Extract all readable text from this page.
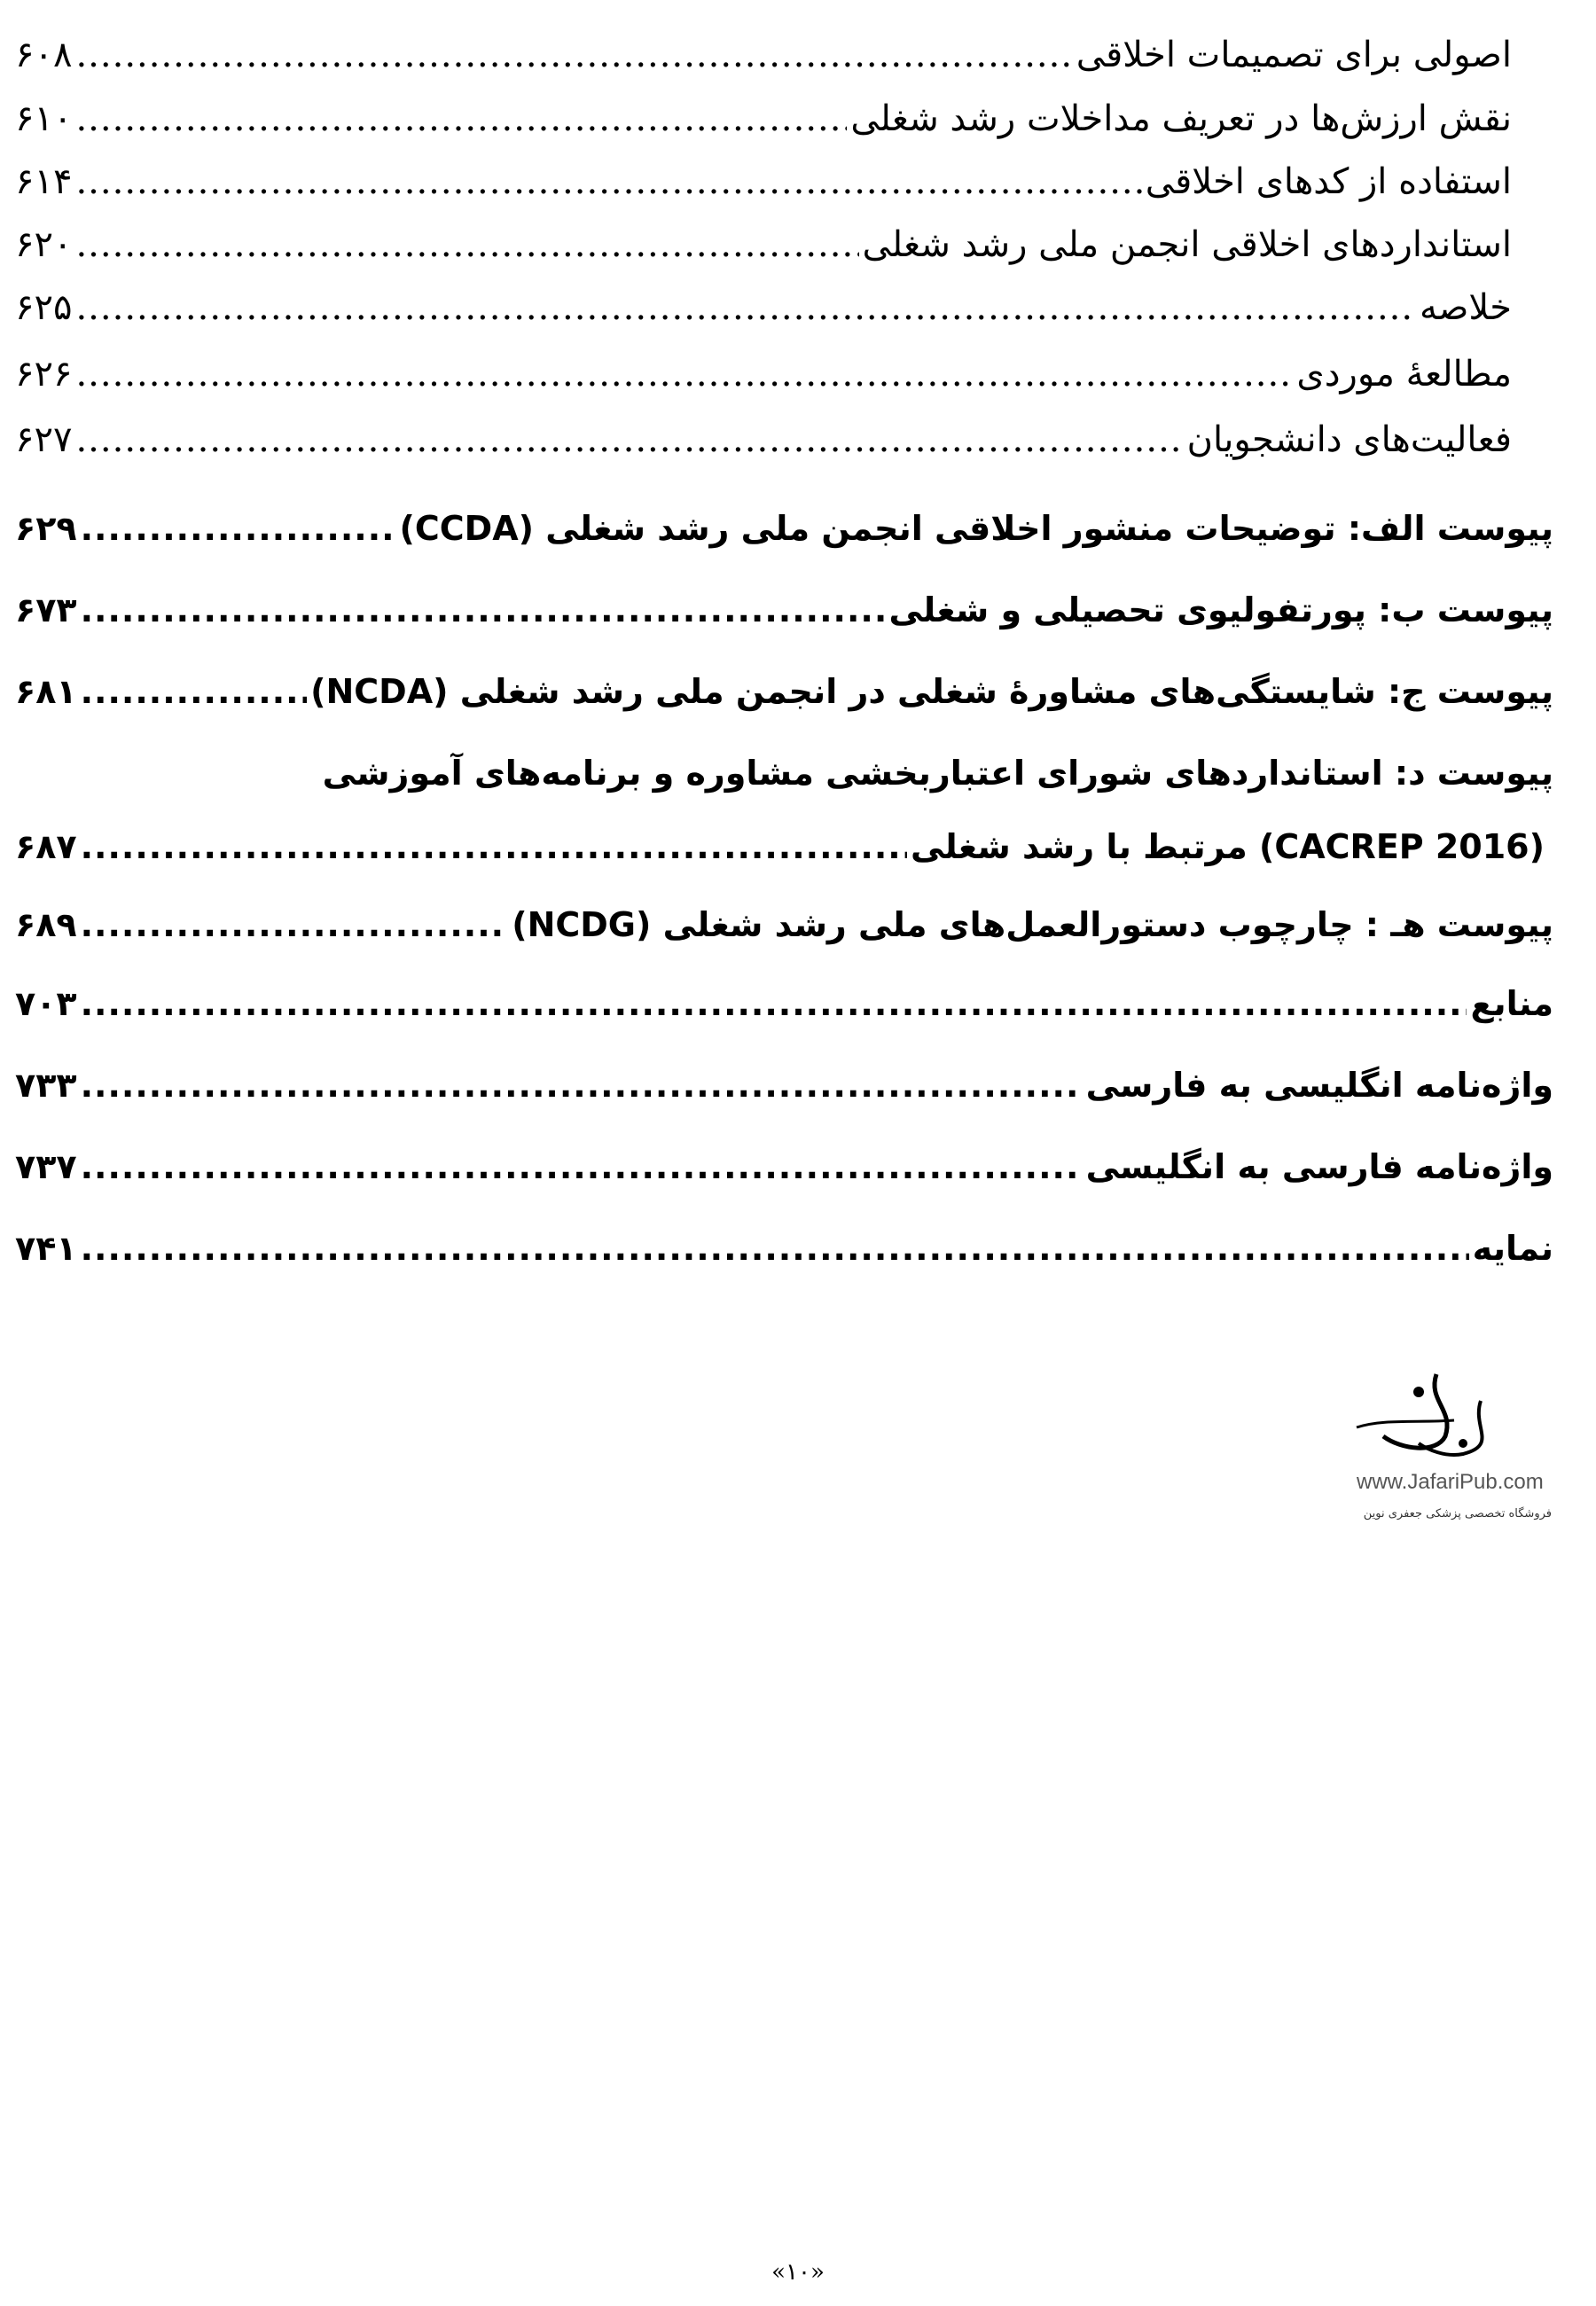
اصولی برای تصمیمات اخلاقی
.....
۶۰۸
نقش ارزش‌ها در تعریف مداخلات رشد شغلی
.....
۶۱۰
استفاده از کدهای اخلاقی
.....
۶۱۴
استانداردهای اخلاقی انجمن ملی رشد شغلی
.....
۶۲۰
خلاصه
.....
۶۲۵
مطالعهٔ موردی
.....
۶۲۶
فعالیت‌های دانشجویان
.....
۶۲۷
پیوست الف: توضیحات منشور اخلاقی انجمن ملی رشد شغلی (CCDA)
.....
۶۲۹
پیوست ب: پورتفولیوی تحصیلی و شغلی
.....
۶۷۳
پیوست ج: شایستگی‌های مشاورهٔ شغلی در انجمن ملی رشد شغلی (NCDA)
.....
۶۸۱
پیوست د: استانداردهای شورای اعتباربخشی مشاوره و برنامه‌های آموزشی
(CACREP 2016) مرتبط با رشد شغلی
.....
۶۸۷
پیوست هـ : چارچوب دستورالعمل‌های ملی رشد شغلی (NCDG)
.....
۶۸۹
منابع
.....
۷۰۳
واژه‌نامه انگلیسی به فارسی
.....
۷۳۳
واژه‌نامه فارسی به انگلیسی
.....
۷۳۷
نمایه
.....
۷۴۱
www.JafariPub.com
فروشگاه تخصصی پزشکی جعفری نوین
«۱۰»
